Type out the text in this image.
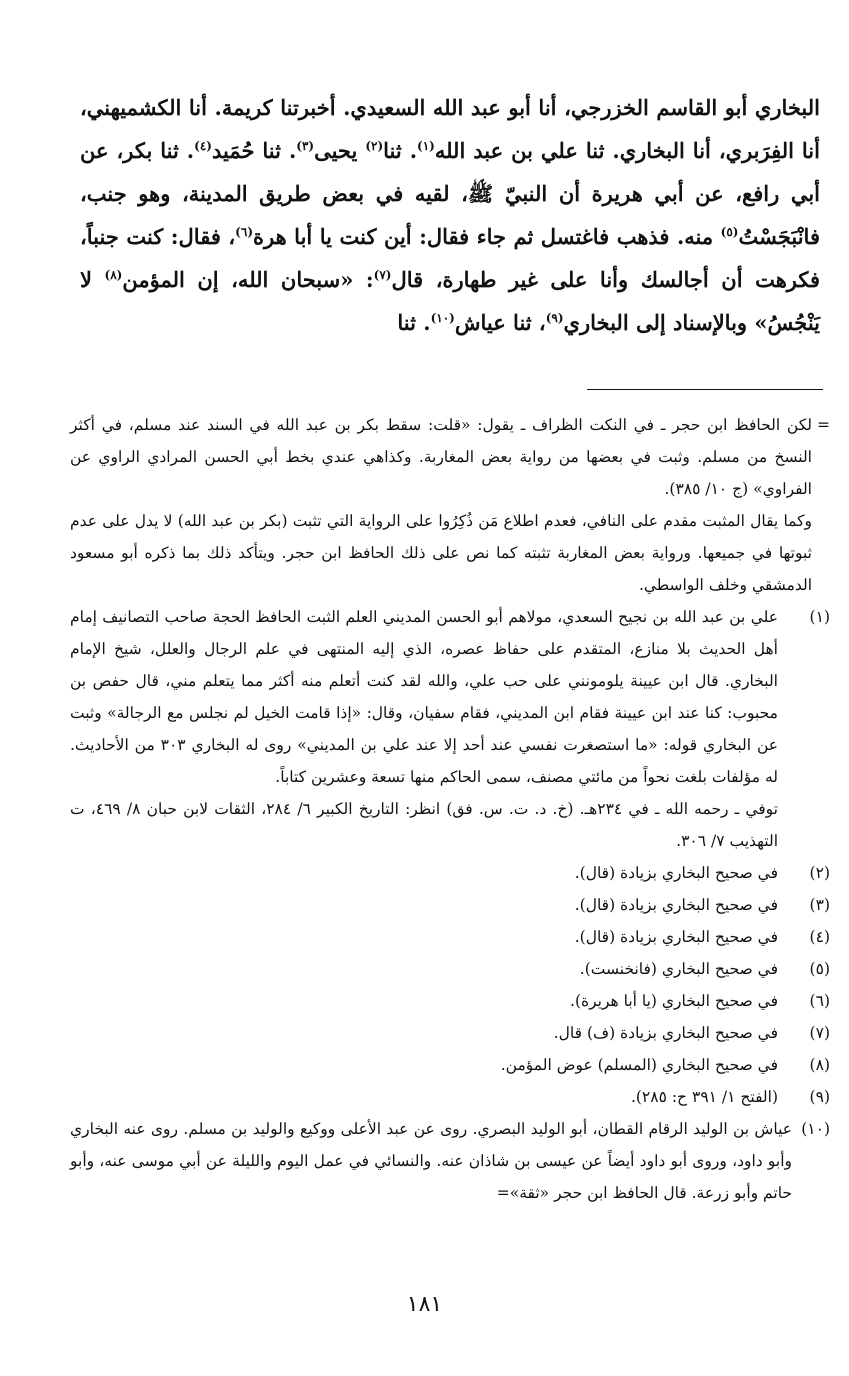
البخاري أبو القاسم الخزرجي، أنا أبو عبد الله السعيدي. أخبرتنا كريمة. أنا الكشميهني، أنا الفِرَبري، أنا البخاري. ثنا علي بن عبد الله$^{(١)}$. ثنا$^{(٢)}$ يحيى$^{(٣)}$. ثنا حُمَيد$^{(٤)}$. ثنا بكر، عن أبي رافع، عن أبي هريرة أن النبيّ ﷺ، لقيه في بعض طريق المدينة، وهو جنب، فانْبَجَسْتُ$^{(٥)}$ منه. فذهب فاغتسل ثم جاء فقال: أين كنت يا أبا هرة$^{(٦)}$، فقال: كنت جنباً، فكرهت أن أجالسك وأنا على غير طهارة، قال$^{(٧)}$: «سبحان الله، إن المؤمن$^{(٨)}$ لا يَنْجُسُ» وبالإسناد إلى البخاري$^{(٩)}$، ثنا عياش$^{(١٠)}$. ثنا

=

لكن الحافظ ابن حجر ـ في النكت الظراف ـ يقول: «قلت: سقط بكر بن عبد الله في السند عند مسلم، في أكثر النسخ من مسلم. وثبت في بعضها من رواية بعض المغاربة. وكذاهي عندي بخط أبي الحسن المرادي الراوي عن الفراوي» (ج ١٠/ ٣٨٥).

وكما يقال المثبت مقدم على النافي، فعدم اطلاع مَن ذُكِرُوا على الرواية التي تثبت (بكر بن عبد الله) لا يدل على عدم ثبوتها في جميعها. ورواية بعض المغاربة تثبته كما نص على ذلك الحافظ ابن حجر. ويتأكد ذلك بما ذكره أبو مسعود الدمشقي وخلف الواسطي.

(١)

علي بن عبد الله بن نجيح السعدي، مولاهم أبو الحسن المديني العلم الثبت الحافظ الحجة صاحب التصانيف إمام أهل الحديث بلا منازع، المتقدم على حفاظ عصره، الذي إليه المنتهى في علم الرجال والعلل، شيخ الإمام البخاري. قال ابن عيينة يلومونني على حب علي، والله لقد كنت أتعلم منه أكثر مما يتعلم مني، قال حفص بن محبوب: كنا عند ابن عيينة فقام ابن المديني، فقام سفيان، وقال: «إذا قامت الخيل لم نجلس مع الرجالة» وثبت عن البخاري قوله: «ما استصغرت نفسي عند أحد إلا عند علي بن المديني» روى له البخاري ٣٠٣ من الأحاديث. له مؤلفات بلغت نحواً من مائتي مصنف، سمى الحاكم منها تسعة وعشرين كتاباً.

توفي ـ رحمه الله ـ في ٢٣٤هـ. (خ. د. ت. س. فق) انظر: التاريخ الكبير ٦/ ٢٨٤، الثقات لابن حبان ٨/ ٤٦٩، ت التهذيب ٧/ ٣٠٦.

(٢)

في صحيح البخاري بزيادة (قال).

(٣)

في صحيح البخاري بزيادة (قال).

(٤)

في صحيح البخاري بزيادة (قال).

(٥)

في صحيح البخاري (فانخنست).

(٦)

في صحيح البخاري (يا أبا هريرة).

(٧)

في صحيح البخاري بزيادة (ف) قال.

(٨)

في صحيح البخاري (المسلم) عوض المؤمن.

(٩)

(الفتح ١/ ٣٩١ ح: ٢٨٥).

(١٠)

عياش بن الوليد الرقام القطان، أبو الوليد البصري. روى عن عبد الأعلى ووكيع والوليد بن مسلم. روى عنه البخاري وأبو داود، وروى أبو داود أيضاً عن عيسى بن شاذان عنه. والنسائي في عمل اليوم والليلة عن أبي موسى عنه، وأبو حاتم وأبو زرعة. قال الحافظ ابن حجر «ثقة»=

١٨١
